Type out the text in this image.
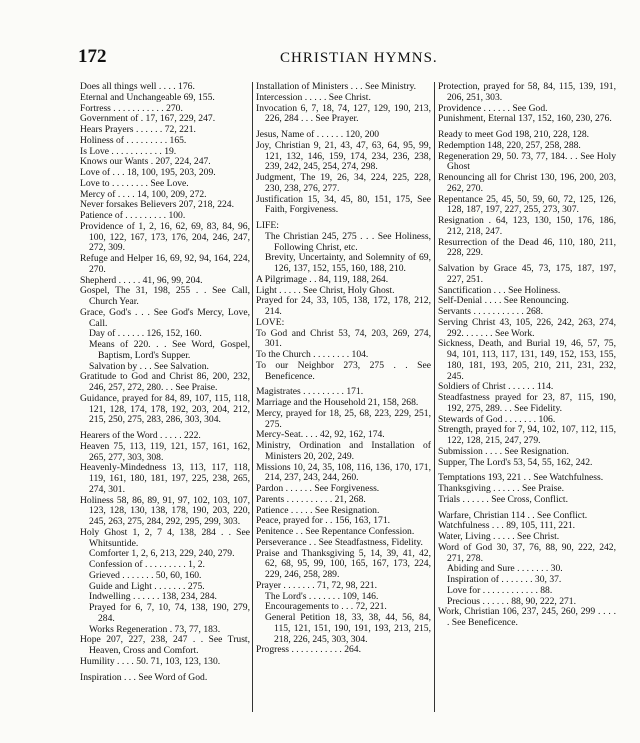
172	CHRISTIAN HYMNS.
Does all things well . . . . 176.
Eternal and Unchangeable 69, 155.
Fortress . . . . . . . . . . . 270.
Government of . 17, 167, 229, 247.
Hears Prayers . . . . . . 72, 221.
Holiness of . . . . . . . . . 165.
Is Love . . . . . . . . . . . 19.
Knows our Wants . 207, 224, 247.
Love of . . . 18, 100, 195, 203, 209.
Love to . . . . . . . . See Love.
Mercy of . . . . 14, 100, 209, 272.
Never forsakes Believers 207, 218, 224.
Patience of . . . . . . . . . 100.
Providence of 1, 2, 16, 62, 69, 83, 84, 96, 100, 122, 167, 173, 176, 204, 246, 247, 272, 309.
Refuge and Helper 16, 69, 92, 94, 164, 224, 270.
Shepherd . . . . . 41, 96, 99, 204.
Gospel, The 31, 198, 255 . . See Call, Church Year.
Grace, God's . . . See God's Mercy, Love, Call.
Day of . . . . . . 126, 152, 160.
Means of 220. . . See Word, Gospel, Baptism, Lord's Supper.
Salvation by . . . See Salvation.
Gratitude to God and Christ 86, 200, 232, 246, 257, 272, 280. . . See Praise.
Guidance, prayed for 84, 89, 107, 115, 118, 121, 128, 174, 178, 192, 203, 204, 212, 215, 250, 275, 283, 286, 303, 304.
Hearers of the Word . . . . . 222.
Heaven 75, 113, 119, 121, 157, 161, 162, 265, 277, 303, 308.
Heavenly-Mindedness 13, 113, 117, 118, 119, 161, 180, 181, 197, 225, 238, 265, 274, 301.
Holiness 58, 86, 89, 91, 97, 102, 103, 107, 123, 128, 130, 138, 178, 190, 203, 220, 245, 263, 275, 284, 292, 295, 299, 303.
Holy Ghost 1, 2, 7 4, 138, 284 . . See Whitsuntide.
Comforter 1, 2, 6, 213, 229, 240, 279.
Confession of . . . . . . . . . 1, 2.
Grieved . . . . . . . 50, 60, 160.
Guide and Light . . . . . . . 275.
Indwelling . . . . . . 138, 234, 284.
Prayed for 6, 7, 10, 74, 138, 190, 279, 284.
Works Regeneration . 73, 77, 183.
Hope 207, 227, 238, 247 . . See Trust, Heaven, Cross and Comfort.
Humility . . . . 50. 71, 103, 123, 130.
Inspiration . . . See Word of God.
Installation of Ministers . . . See Ministry.
Intercession . . . . . See Christ.
Invocation 6, 7, 18, 74, 127, 129, 190, 213, 226, 284 . . . See Prayer.
Jesus, Name of . . . . . . 120, 200
Joy, Christian 9, 21, 43, 47, 63, 64, 95, 99, 121, 132, 146, 159, 174, 234, 236, 238, 239, 242, 245, 254, 274, 298.
Judgment, The 19, 26, 34, 224, 225, 228, 230, 238, 276, 277.
Justification 15, 34, 45, 80, 151, 175, See Faith, Forgiveness.
LIFE:
The Christian 245, 275 . . . See Holiness, Following Christ, etc.
Brevity, Uncertainty, and Solemnity of 69, 126, 137, 152, 155, 160, 188, 210.
A Pilgrimage . . 84, 119, 188, 264.
Light . . . . . See Christ, Holy Ghost.
Prayed for 24, 33, 105, 138, 172, 178, 212, 214.
LOVE:
To God and Christ 53, 74, 203, 269, 274, 301.
To the Church . . . . . . . . 104.
To our Neighbor 273, 275 . . See Beneficence.
Magistrates . . . . . . . . . 171.
Marriage and the Household 21, 158, 268.
Mercy, prayed for 18, 25, 68, 223, 229, 251, 275.
Mercy-Seat. . . . 42, 92, 162, 174.
Ministry, Ordination and Installation of Ministers 20, 202, 249.
Missions 10, 24, 35, 108, 116, 136, 170, 171, 214, 237, 243, 244, 260.
Pardon . . . . . . See Forgiveness.
Parents . . . . . . . . . . 21, 268.
Patience . . . . . See Resignation.
Peace, prayed for . . 156, 163, 171.
Penitence . . See Repentance Confession.
Perseverance . . See Steadfastness, Fidelity.
Praise and Thanksgiving 5, 14, 39, 41, 42, 62, 68, 95, 99, 100, 165, 167, 173, 224, 229, 246, 258, 289.
Prayer . . . . . . . 71, 72, 98, 221.
The Lord's . . . . . . . 109, 146.
Encouragements to . . . 72, 221.
General Petition 18, 33, 38, 44, 56, 84, 115, 121, 151, 190, 191, 193, 213, 215, 218, 226, 245, 303, 304.
Progress . . . . . . . . . . . 264.
Protection, prayed for 58, 84, 115, 139, 191, 206, 251, 303.
Providence . . . . . . See God.
Punishment, Eternal 137, 152, 160, 230, 276.
Ready to meet God 198, 210, 228, 128.
Redemption 148, 220, 257, 258, 288.
Regeneration 29, 50. 73, 77, 184. . . See Holy Ghost
Renouncing all for Christ 130, 196, 200, 203, 262, 270.
Repentance 25, 45, 50, 59, 60, 72, 125, 126, 128, 187, 197, 227, 255, 273, 307.
Resignation . 64, 123, 130, 150, 176, 186, 212, 218, 247.
Resurrection of the Dead 46, 110, 180, 211, 228, 229.
Salvation by Grace 45, 73, 175, 187, 197, 227, 251.
Sanctification . . . See Holiness.
Self-Denial . . . . See Renouncing.
Servants . . . . . . . . . . . 268.
Serving Christ 43, 105, 226, 242, 263, 274, 292. . . . . . . See Work.
Sickness, Death, and Burial 19, 46, 57, 75, 94, 101, 113, 117, 131, 149, 152, 153, 155, 180, 181, 193, 205, 210, 211, 231, 232, 245.
Soldiers of Christ . . . . . . 114.
Steadfastness prayed for 23, 87, 115, 190, 192, 275, 289. . . See Fidelity.
Stewards of God . . . . . . . 106.
Strength, prayed for 7, 94, 102, 107, 112, 115, 122, 128, 215, 247, 279.
Submission . . . . See Resignation.
Supper, The Lord's 53, 54, 55, 162, 242.
Temptations 193, 221 . . See Watchfulness.
Thanksgiving . . . . . . See Praise.
Trials . . . . . . See Cross, Conflict.
Warfare, Christian 114 . . See Conflict.
Watchfulness . . . 89, 105, 111, 221.
Water, Living . . . . . See Christ.
Word of God 30, 37, 76, 88, 90, 222, 242, 271, 278.
Abiding and Sure . . . . . . . 30.
Inspiration of . . . . . . . 30, 37.
Love for . . . . . . . . . . . . 88.
Precious . . . . . . 88, 90, 222, 271.
Work, Christian 106, 237, 245, 260, 299 . . . . . See Beneficence.
